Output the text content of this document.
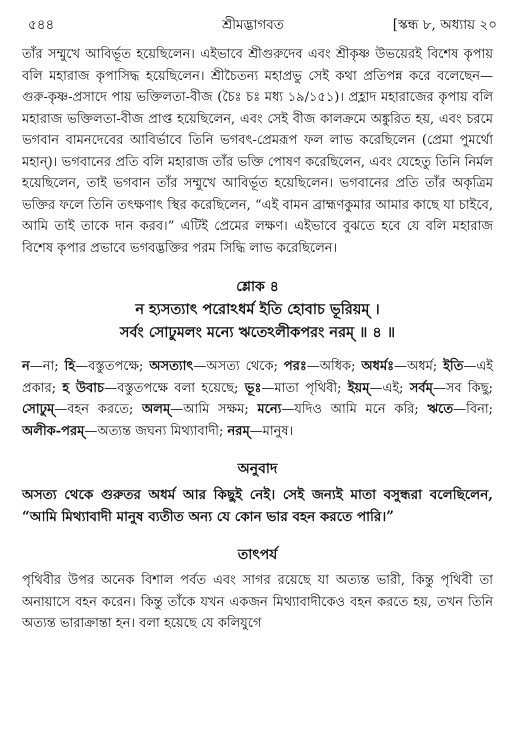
৫৪৪	শ্রীমদ্ভাগবত	[স্কন্ধ ৮, অধ্যায় ২০

তাঁর সম্মুখে আবির্ভূত হয়েছিলেন। এইভাবে শ্রীগুরুদেব এবং শ্রীকৃষ্ণ উভয়েরই বিশেষ কৃপায় বলি মহারাজ কৃপাসিদ্ধ হয়েছিলেন। শ্রীচৈতন্য মহাপ্রভু সেই কথা প্রতিপন্ন করে বলেছেন—গুরু-কৃষ্ণ-প্রসাদে পায় ভক্তিলতা-বীজ (চৈঃ চঃ মধ্য ১৯/১৫১)। প্রহ্লাদ মহারাজের কৃপায় বলি মহারাজ ভক্তিলতা-বীজ প্রাপ্ত হয়েছিলেন, এবং সেই বীজ কালক্রমে অঙ্কুরিত হয়, এবং চরমে ভগবান বামনদেবের আবির্ভাবে তিনি ভগবৎ-প্রেমরূপ ফল লাভ করেছিলেন (প্রেমা পুমর্থো মহান্)। ভগবানের প্রতি বলি মহারাজ তাঁর ভক্তি পোষণ করেছিলেন, এবং যেহেতু তিনি নির্মল হয়েছিলেন, তাই ভগবান তাঁর সম্মুখে আবির্ভূত হয়েছিলেন। ভগবানের প্রতি তাঁর অকৃত্রিম ভক্তির ফলে তিনি তৎক্ষণাৎ স্থির করেছিলেন, “এই বামন ব্রাহ্মণকুমার আমার কাছে যা চাইবে, আমি তাই তাকে দান করব।” এটিই প্রেমের লক্ষণ। এইভাবে বুঝতে হবে যে বলি মহারাজ বিশেষ কৃপার প্রভাবে ভগবদ্ভক্তির পরম সিদ্ধি লাভ করেছিলেন।

শ্লোক ৪
ন হ্যসত্যাৎ পরোঽধর্ম ইতি হোবাচ ভূরিয়ম্ ।
সর্বং সোঢুমলং মন্যে ঋতেঽলীকপরং নরম্ ॥ ৪ ॥
ন—না; হি—বস্তুতপক্ষে; অসত্যাৎ—অসত্য থেকে; পরঃ—অধিক; অধর্মঃ—অধর্ম; ইতি—এই প্রকার; হ উবাচ—বস্তুতপক্ষে বলা হয়েছে; ভূঃ—মাতা পৃথিবী; ইয়ম্—এই; সর্বম্—সব কিছু; সোঢুম্—বহন করতে; অলম্—আমি সক্ষম; মন্যে—যদিও আমি মনে করি; ঋতে—বিনা; অলীক-পরম্—অত্যন্ত জঘন্য মিথ্যাবাদী; নরম্—মানুষ।
অনুবাদ
অসত্য থেকে গুরুতর অধর্ম আর কিছুই নেই। সেই জন্যই মাতা বসুন্ধরা বলেছিলেন, “আমি মিথ্যাবাদী মানুষ ব্যতীত অন্য যে কোন ভার বহন করতে পারি।”
তাৎপর্য

পৃথিবীর উপর অনেক বিশাল পর্বত এবং সাগর রয়েছে যা অত্যন্ত ভারী, কিন্তু পৃথিবী তা অনায়াসে বহন করেন। কিন্তু তাঁকে যখন একজন মিথ্যাবাদীকেও বহন করতে হয়, তখন তিনি অত্যন্ত ভারাক্রান্তা হন। বলা হয়েছে যে কলিযুগে
